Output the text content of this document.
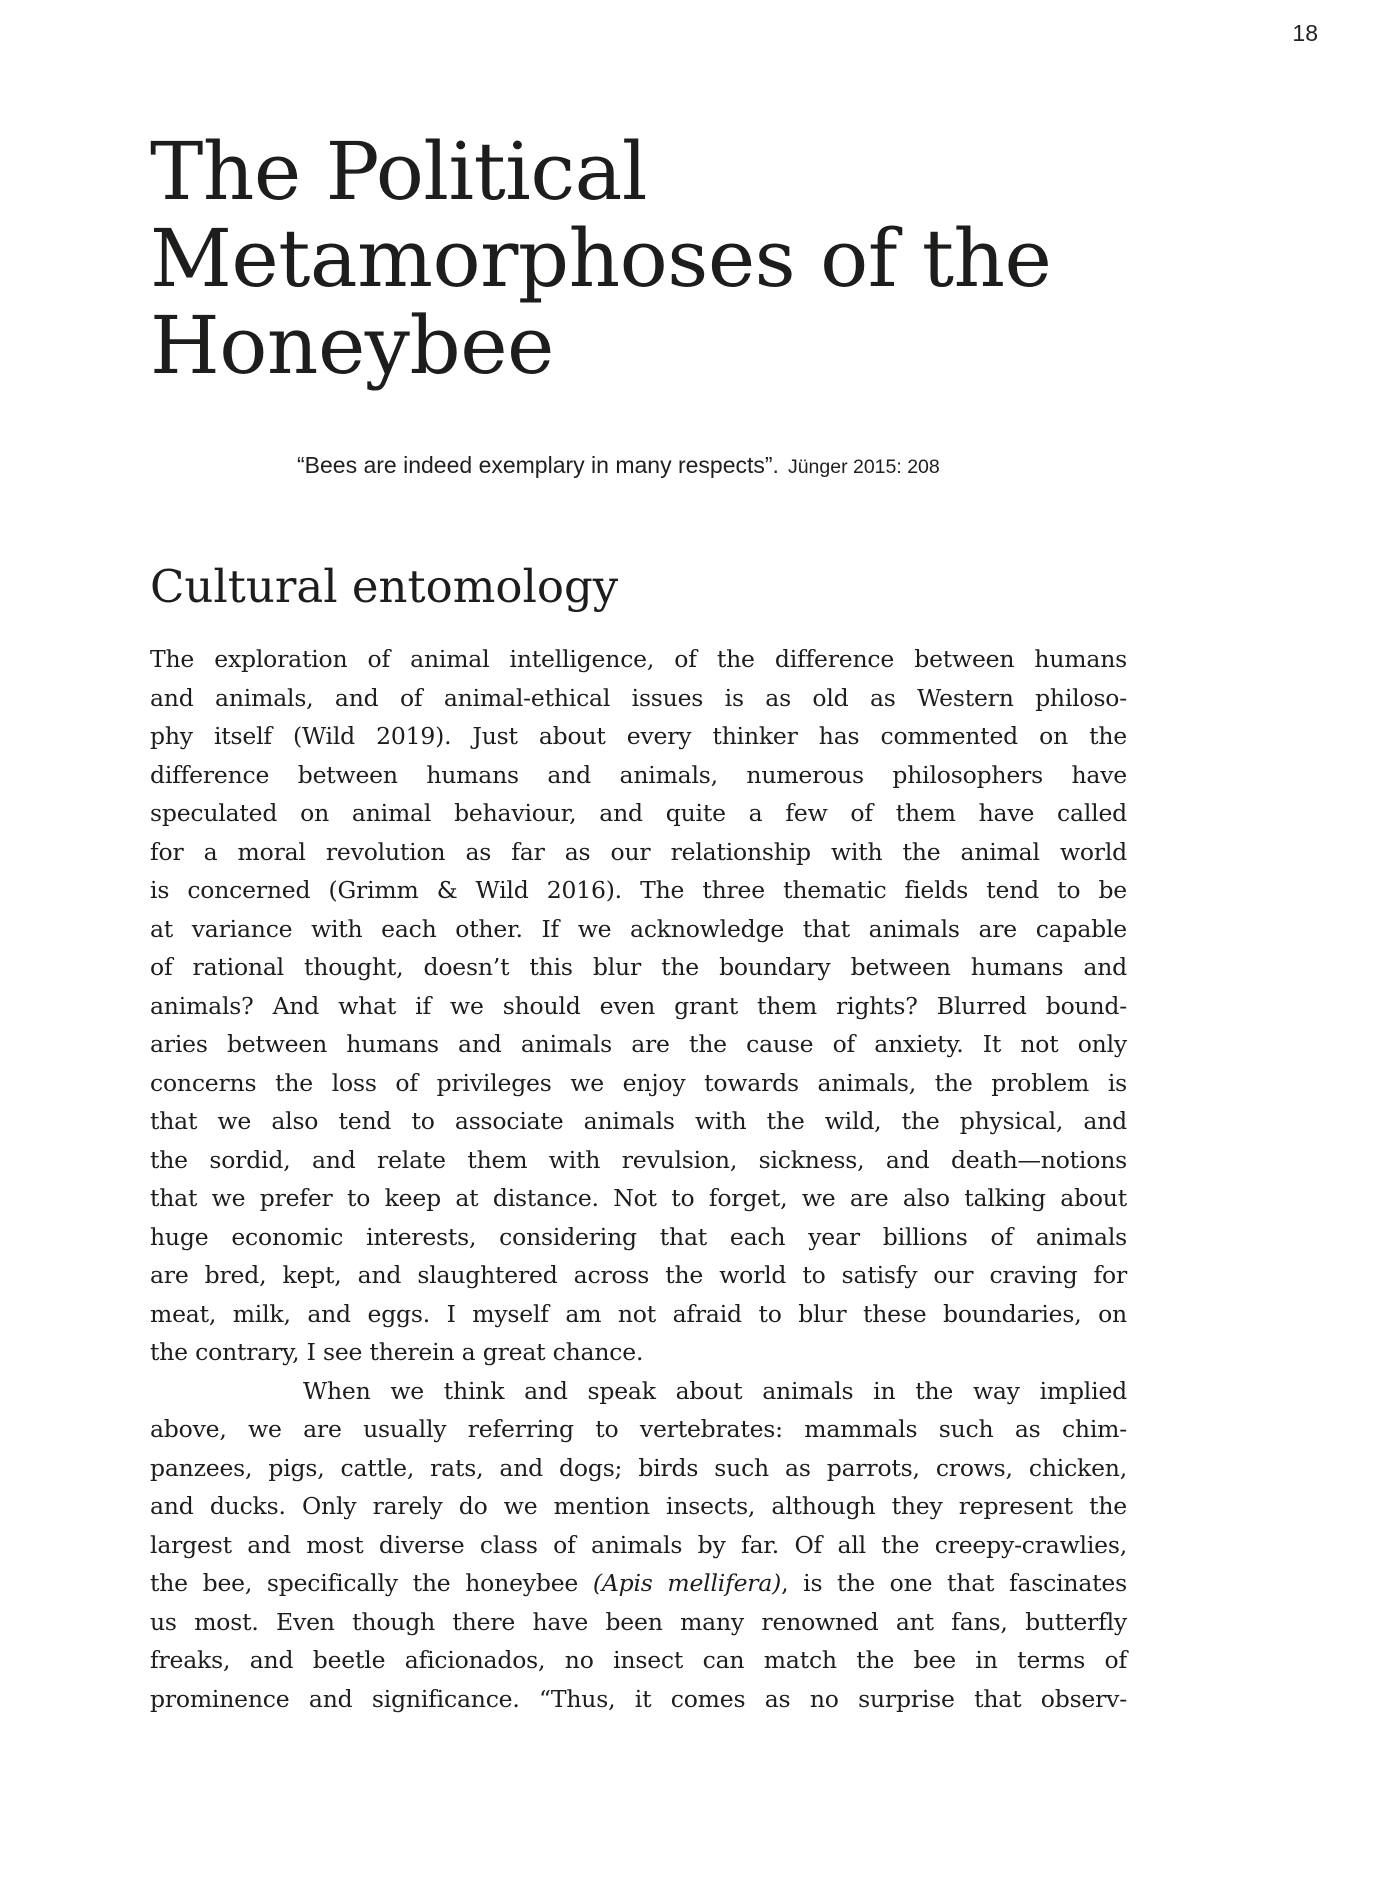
18
The Political
Metamorphoses of the
Honeybee
“Bees are indeed exemplary in many respects”. Jünger 2015: 208
Cultural entomology
The exploration of animal intelligence, of the difference between humans
and animals, and of animal-ethical issues is as old as Western philoso-
phy itself (Wild 2019). Just about every thinker has commented on the
difference between humans and animals, numerous philosophers have
speculated on animal behaviour, and quite a few of them have called
for a moral revolution as far as our relationship with the animal world
is concerned (Grimm & Wild 2016). The three thematic fields tend to be
at variance with each other. If we acknowledge that animals are capable
of rational thought, doesn’t this blur the boundary between humans and
animals? And what if we should even grant them rights? Blurred bound-
aries between humans and animals are the cause of anxiety. It not only
concerns the loss of privileges we enjoy towards animals, the problem is
that we also tend to associate animals with the wild, the physical, and
the sordid, and relate them with revulsion, sickness, and death—notions
that we prefer to keep at distance. Not to forget, we are also talking about
huge economic interests, considering that each year billions of animals
are bred, kept, and slaughtered across the world to satisfy our craving for
meat, milk, and eggs. I myself am not afraid to blur these boundaries, on
the contrary, I see therein a great chance.
When we think and speak about animals in the way implied
above, we are usually referring to vertebrates: mammals such as chim-
panzees, pigs, cattle, rats, and dogs; birds such as parrots, crows, chicken,
and ducks. Only rarely do we mention insects, although they represent the
largest and most diverse class of animals by far. Of all the creepy-crawlies,
the bee, specifically the honeybee (Apis mellifera), is the one that fascinates
us most. Even though there have been many renowned ant fans, butterfly
freaks, and beetle aficionados, no insect can match the bee in terms of
prominence and significance. “Thus, it comes as no surprise that observ-
